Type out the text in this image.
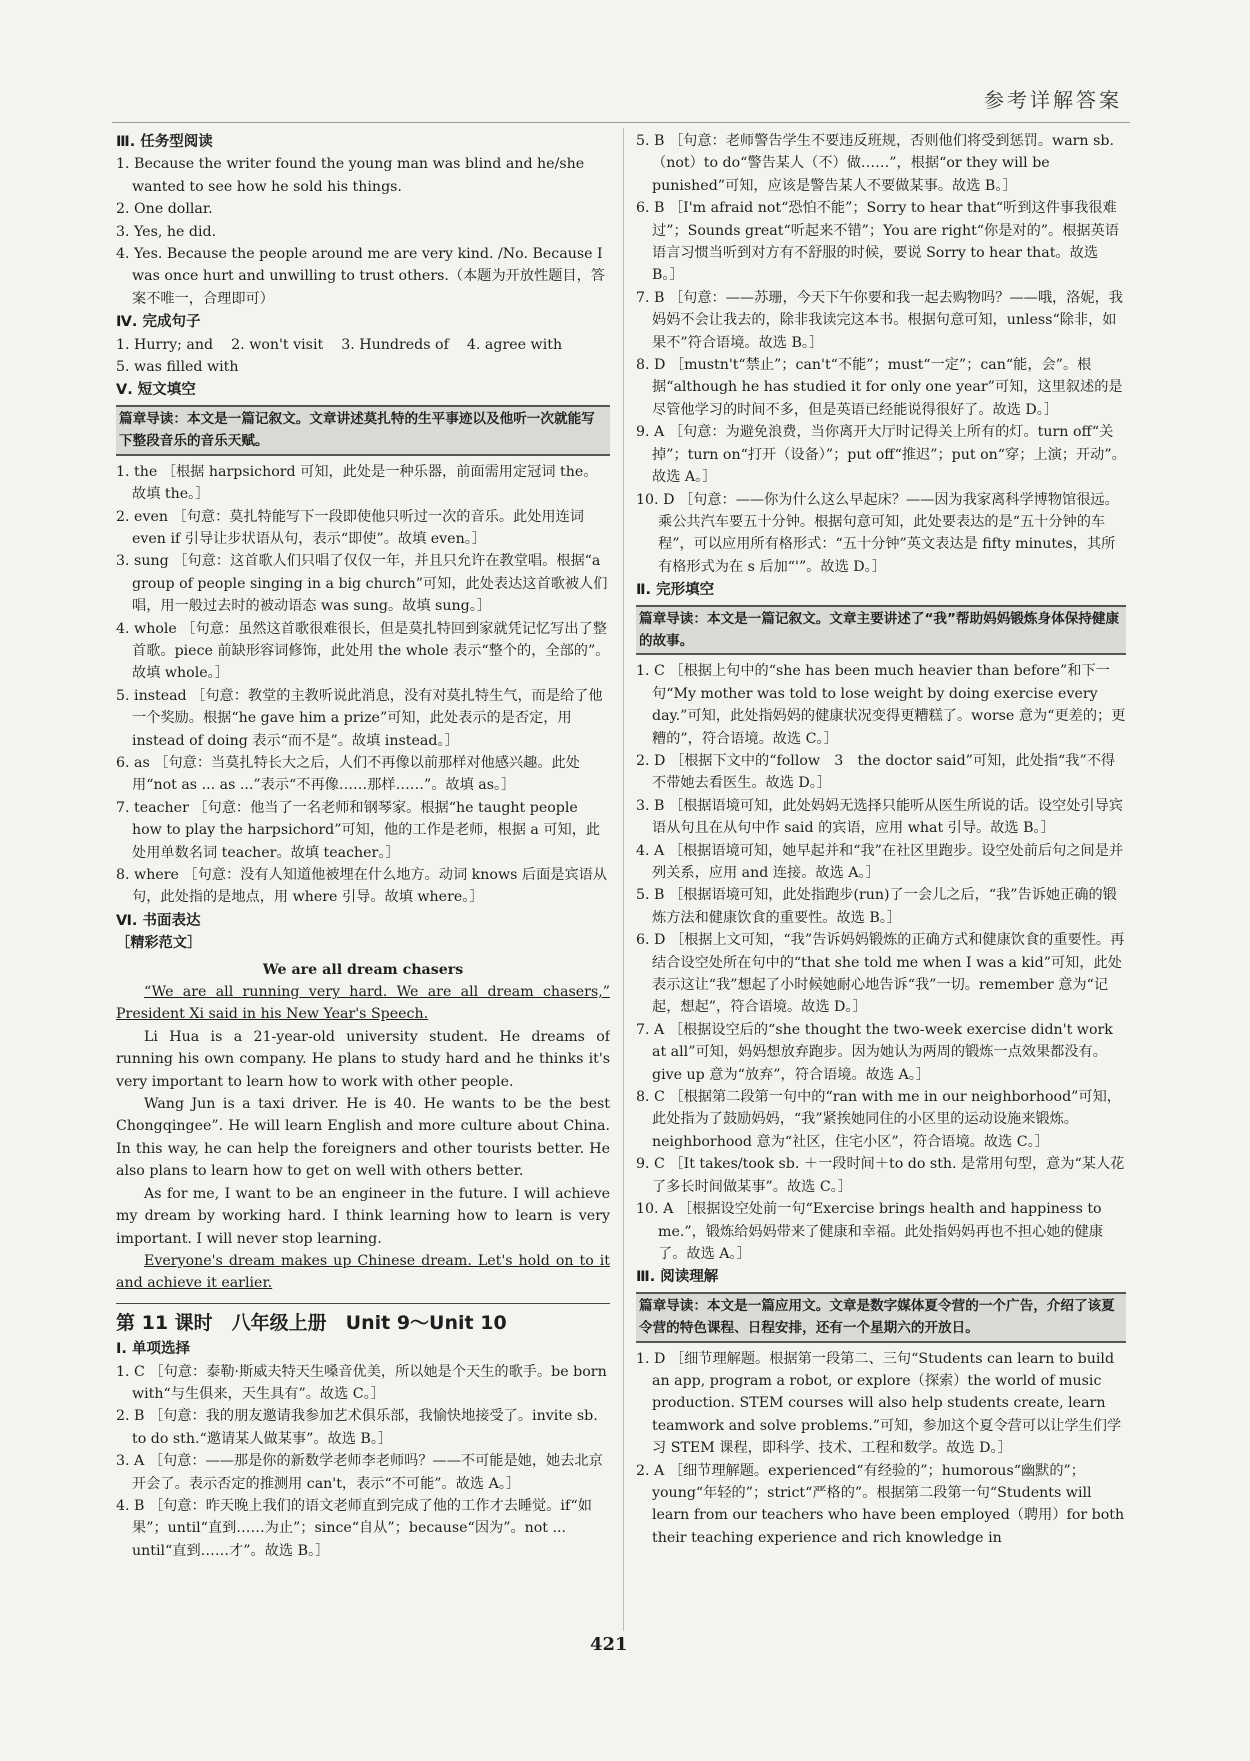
参考详解答案
Ⅲ. 任务型阅读

1. Because the writer found the young man was blind and he/she wanted to see how he sold his things.

2. One dollar.

3. Yes, he did.

4. Yes. Because the people around me are very kind. /No. Because I was once hurt and unwilling to trust others.（本题为开放性题目，答案不唯一，合理即可）

Ⅳ. 完成句子

1. Hurry; and    2. won't visit    3. Hundreds of    4. agree with

5. was filled with

Ⅴ. 短文填空
篇章导读：本文是一篇记叙文。文章讲述莫扎特的生平事迹以及他听一次就能写下整段音乐的音乐天赋。

1. the ［根据 harpsichord 可知，此处是一种乐器，前面需用定冠词 the。故填 the。］

2. even ［句意：莫扎特能写下一段即使他只听过一次的音乐。此处用连词 even if 引导让步状语从句，表示“即使”。故填 even。］

3. sung ［句意：这首歌人们只唱了仅仅一年，并且只允许在教堂唱。根据“a group of people singing in a big church”可知，此处表达这首歌被人们唱，用一般过去时的被动语态 was sung。故填 sung。］

4. whole ［句意：虽然这首歌很难很长，但是莫扎特回到家就凭记忆写出了整首歌。piece 前缺形容词修饰，此处用 the whole 表示“整个的，全部的”。故填 whole。］

5. instead ［句意：教堂的主教听说此消息，没有对莫扎特生气，而是给了他一个奖励。根据“he gave him a prize”可知，此处表示的是否定，用 instead of doing 表示“而不是”。故填 instead。］

6. as ［句意：当莫扎特长大之后，人们不再像以前那样对他感兴趣。此处用“not as ... as ...”表示“不再像……那样……”。故填 as。］

7. teacher ［句意：他当了一名老师和钢琴家。根据“he taught people how to play the harpsichord”可知，他的工作是老师，根据 a 可知，此处用单数名词 teacher。故填 teacher。］

8. where ［句意：没有人知道他被埋在什么地方。动词 knows 后面是宾语从句，此处指的是地点，用 where 引导。故填 where。］

Ⅵ. 书面表达
［精彩范文］
We are all dream chasers

“We are all running very hard. We are all dream chasers,” President Xi said in his New Year's Speech.

Li Hua is a 21-year-old university student. He dreams of running his own company. He plans to study hard and he thinks it's very important to learn how to work with other people.

Wang Jun is a taxi driver. He is 40. He wants to be the best Chongqingee”. He will learn English and more culture about China. In this way, he can help the foreigners and other tourists better. He also plans to learn how to get on well with others better.

As for me, I want to be an engineer in the future. I will achieve my dream by working hard. I think learning how to learn is very important. I will never stop learning.

Everyone's dream makes up Chinese dream. Let's hold on to it and achieve it earlier.

第 11 课时　八年级上册　Unit 9～Unit 10
Ⅰ. 单项选择

1. C ［句意：泰勒·斯威夫特天生嗓音优美，所以她是个天生的歌手。be born with“与生俱来，天生具有”。故选 C。］

2. B ［句意：我的朋友邀请我参加艺术俱乐部，我愉快地接受了。invite sb. to do sth.“邀请某人做某事”。故选 B。］

3. A ［句意：——那是你的新数学老师李老师吗？——不可能是她，她去北京开会了。表示否定的推测用 can't，表示“不可能”。故选 A。］

4. B ［句意：昨天晚上我们的语文老师直到完成了他的工作才去睡觉。if“如果”；until“直到……为止”；since“自从”；because“因为”。not ... until“直到……才”。故选 B。］

5. B ［句意：老师警告学生不要违反班规，否则他们将受到惩罚。warn sb.（not）to do“警告某人（不）做……”，根据“or they will be punished”可知，应该是警告某人不要做某事。故选 B。］

6. B ［I'm afraid not“恐怕不能”；Sorry to hear that“听到这件事我很难过”；Sounds great“听起来不错”；You are right“你是对的”。根据英语语言习惯当听到对方有不舒服的时候，要说 Sorry to hear that。故选 B。］

7. B ［句意：——苏珊，今天下午你要和我一起去购物吗？——哦，洛妮，我妈妈不会让我去的，除非我读完这本书。根据句意可知，unless“除非，如果不”符合语境。故选 B。］

8. D ［mustn't“禁止”；can't“不能”；must“一定”；can“能，会”。根据“although he has studied it for only one year”可知，这里叙述的是尽管他学习的时间不多，但是英语已经能说得很好了。故选 D。］

9. A ［句意：为避免浪费，当你离开大厅时记得关上所有的灯。turn off“关掉”；turn on“打开（设备）”；put off“推迟”；put on“穿；上演；开动”。故选 A。］

10. D ［句意：——你为什么这么早起床？——因为我家离科学博物馆很远。乘公共汽车要五十分钟。根据句意可知，此处要表达的是“五十分钟的车程”，可以应用所有格形式：“五十分钟”英文表达是 fifty minutes，其所有格形式为在 s 后加“'”。故选 D。］

Ⅱ. 完形填空
篇章导读：本文是一篇记叙文。文章主要讲述了“我”帮助妈妈锻炼身体保持健康的故事。

1. C ［根据上句中的“she has been much heavier than before”和下一句“My mother was told to lose weight by doing exercise every day.”可知，此处指妈妈的健康状况变得更糟糕了。worse 意为“更差的；更糟的”，符合语境。故选 C。］

2. D ［根据下文中的“follow　3　the doctor said”可知，此处指“我”不得不带她去看医生。故选 D。］

3. B ［根据语境可知，此处妈妈无选择只能听从医生所说的话。设空处引导宾语从句且在从句中作 said 的宾语，应用 what 引导。故选 B。］

4. A ［根据语境可知，她早起并和“我”在社区里跑步。设空处前后句之间是并列关系，应用 and 连接。故选 A。］

5. B ［根据语境可知，此处指跑步(run)了一会儿之后，“我”告诉她正确的锻炼方法和健康饮食的重要性。故选 B。］

6. D ［根据上文可知，“我”告诉妈妈锻炼的正确方式和健康饮食的重要性。再结合设空处所在句中的“that she told me when I was a kid”可知，此处表示这让“我”想起了小时候她耐心地告诉“我”一切。remember 意为“记起，想起”，符合语境。故选 D。］

7. A ［根据设空后的“she thought the two-week exercise didn't work at all”可知，妈妈想放弃跑步。因为她认为两周的锻炼一点效果都没有。give up 意为“放弃”，符合语境。故选 A。］

8. C ［根据第二段第一句中的“ran with me in our neighborhood”可知，此处指为了鼓励妈妈，“我”紧挨她同住的小区里的运动设施来锻炼。neighborhood 意为“社区，住宅小区”，符合语境。故选 C。］

9. C ［It takes/took sb. ＋一段时间＋to do sth. 是常用句型，意为“某人花了多长时间做某事”。故选 C。］

10. A ［根据设空处前一句“Exercise brings health and happiness to me.”，锻炼给妈妈带来了健康和幸福。此处指妈妈再也不担心她的健康了。故选 A。］

Ⅲ. 阅读理解
篇章导读：本文是一篇应用文。文章是数字媒体夏令营的一个广告，介绍了该夏令营的特色课程、日程安排，还有一个星期六的开放日。

1. D ［细节理解题。根据第一段第二、三句“Students can learn to build an app, program a robot, or explore（探索）the world of music production. STEM courses will also help students create, learn teamwork and solve problems.”可知，参加这个夏令营可以让学生们学习 STEM 课程，即科学、技术、工程和数学。故选 D。］

2. A ［细节理解题。experienced“有经验的”；humorous“幽默的”；young“年轻的”；strict“严格的”。根据第二段第一句“Students will learn from our teachers who have been employed（聘用）for both their teaching experience and rich knowledge in

421
